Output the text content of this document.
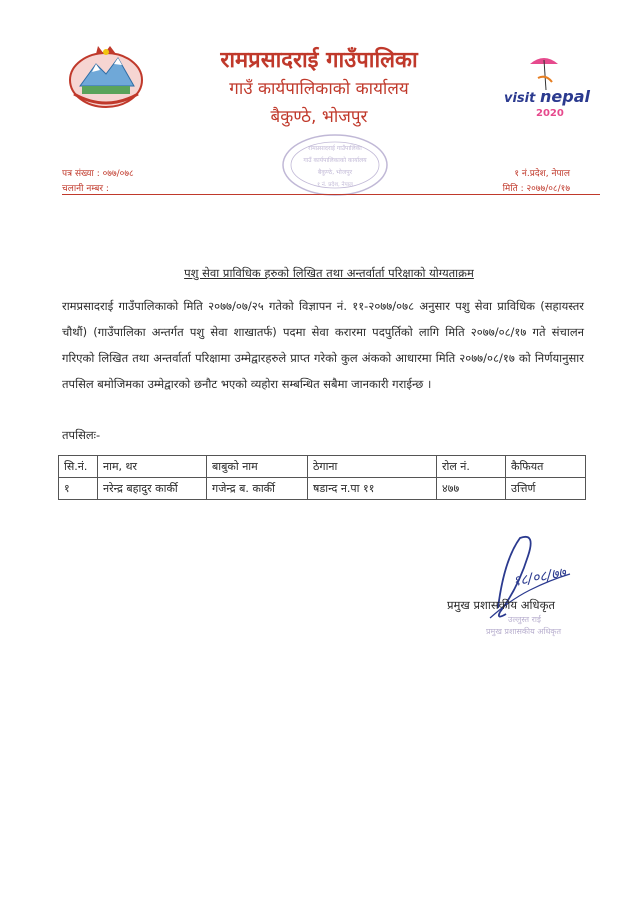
रामप्रसादराई गाउँपालिका
गाउँ कार्यपालिकाको कार्यालय
बैकुण्ठे, भोजपुर
visit nepal
2020
रामप्रसादराई गाउँपालिका
गाउँ कार्यपालिकाको कार्यालय
बैकुण्ठे, भोजपुर
१ नं. प्रदेश, नेपाल
पत्र संख्या : ०७७/०७८
चलानी नम्बर :
१ नं.प्रदेश, नेपाल
मिति : २०७७/०८/१७
पशु सेवा प्राविधिक हरुको लिखित तथा अन्तर्वार्ता परिक्षाको योग्यताक्रम
रामप्रसादराई गाउँपालिकाको मिति २०७७/०७/२५ गतेको विज्ञापन नं. ११-२०७७/०७८ अनुसार पशु सेवा प्राविधिक (सहायस्तर चौथौं) (गाउँपालिका अन्तर्गत पशु सेवा शाखातर्फ) पदमा सेवा करारमा पदपुर्तिको लागि मिति २०७७/०८/१७ गते संचालन गरिएको लिखित तथा अन्तर्वार्ता परिक्षामा उम्मेद्वारहरुले प्राप्त गरेको कुल अंकको आधारमा मिति २०७७/०८/१७ को निर्णयानुसार तपसिल बमोजिमका उम्मेद्वारको छनौट भएको व्यहोरा सम्बन्धित सबैमा जानकारी गराईन्छ ।
तपसिलः-
सि.नं.	नाम, थर	बाबुको नाम	ठेगाना	रोल नं.	कैफियत
१	नरेन्द्र बहादुर कार्की	गजेन्द्र ब. कार्की	षडान्द न.पा ११	४७७	उत्तिर्ण
१८/०८/७७
प्रमुख प्रशासकीय अधिकृत
उल्लुस्त राई
प्रमुख प्रशासकीय अधिकृत
